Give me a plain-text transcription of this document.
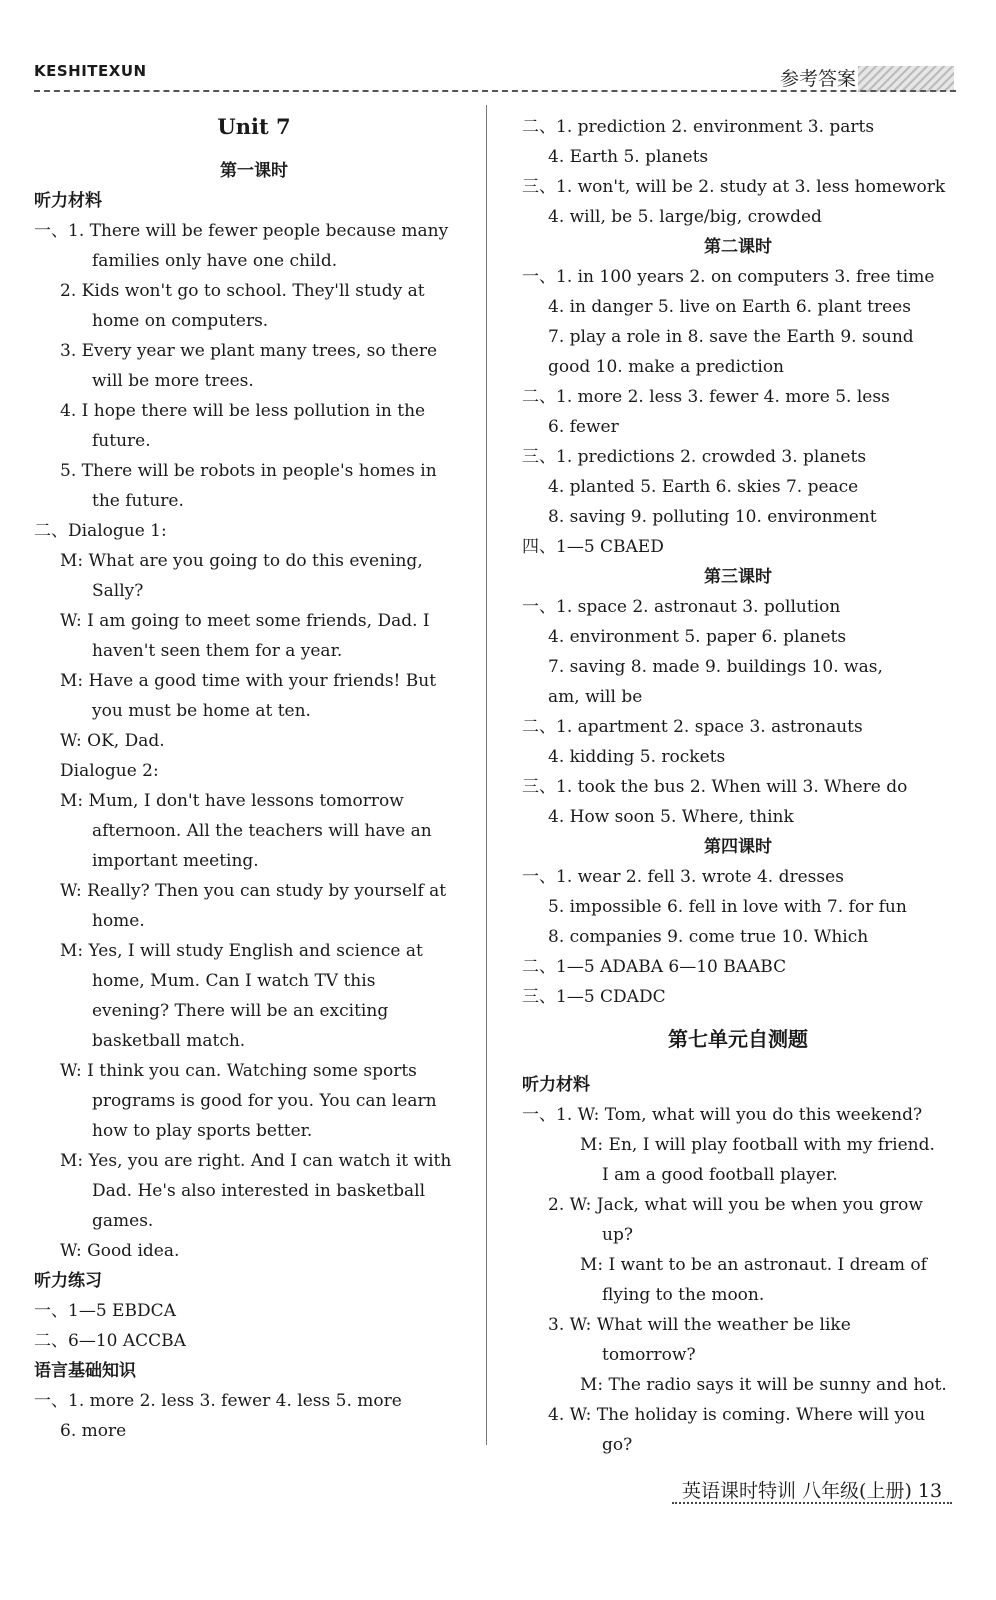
KESHITEXUN	参考答案
Unit 7
第一课时
听力材料
一、1. There will be fewer people because many
families only have one child.
2. Kids won't go to school. They'll study at
home on computers.
3. Every year we plant many trees, so there
will be more trees.
4. I hope there will be less pollution in the
future.
5. There will be robots in people's homes in
the future.
二、Dialogue 1:
M: What are you going to do this evening,
Sally?
W: I am going to meet some friends, Dad. I
haven't seen them for a year.
M: Have a good time with your friends! But
you must be home at ten.
W: OK, Dad.
Dialogue 2:
M: Mum, I don't have lessons tomorrow
afternoon. All the teachers will have an
important meeting.
W: Really? Then you can study by yourself at
home.
M: Yes, I will study English and science at
home, Mum. Can I watch TV this
evening? There will be an exciting
basketball match.
W: I think you can. Watching some sports
programs is good for you. You can learn
how to play sports better.
M: Yes, you are right. And I can watch it with
Dad. He's also interested in basketball
games.
W: Good idea.
听力练习
一、1—5 EBDCA
二、6—10 ACCBA
语言基础知识
一、1. more 2. less 3. fewer 4. less 5. more
6. more
二、1. prediction 2. environment 3. parts
4. Earth 5. planets
三、1. won't, will be 2. study at 3. less homework
4. will, be 5. large/big, crowded
第二课时
一、1. in 100 years 2. on computers 3. free time
4. in danger 5. live on Earth 6. plant trees
7. play a role in 8. save the Earth 9. sound
good 10. make a prediction
二、1. more 2. less 3. fewer 4. more 5. less
6. fewer
三、1. predictions 2. crowded 3. planets
4. planted 5. Earth 6. skies 7. peace
8. saving 9. polluting 10. environment
四、1—5 CBAED
第三课时
一、1. space 2. astronaut 3. pollution
4. environment 5. paper 6. planets
7. saving 8. made 9. buildings 10. was,
am, will be
二、1. apartment 2. space 3. astronauts
4. kidding 5. rockets
三、1. took the bus 2. When will 3. Where do
4. How soon 5. Where, think
第四课时
一、1. wear 2. fell 3. wrote 4. dresses
5. impossible 6. fell in love with 7. for fun
8. companies 9. come true 10. Which
二、1—5 ADABA 6—10 BAABC
三、1—5 CDADC
第七单元自测题
听力材料
一、1. W: Tom, what will you do this weekend?
M: En, I will play football with my friend.
I am a good football player.
2. W: Jack, what will you be when you grow
up?
M: I want to be an astronaut. I dream of
flying to the moon.
3. W: What will the weather be like
tomorrow?
M: The radio says it will be sunny and hot.
4. W: The holiday is coming. Where will you
go?
英语课时特训 八年级(上册) 13
